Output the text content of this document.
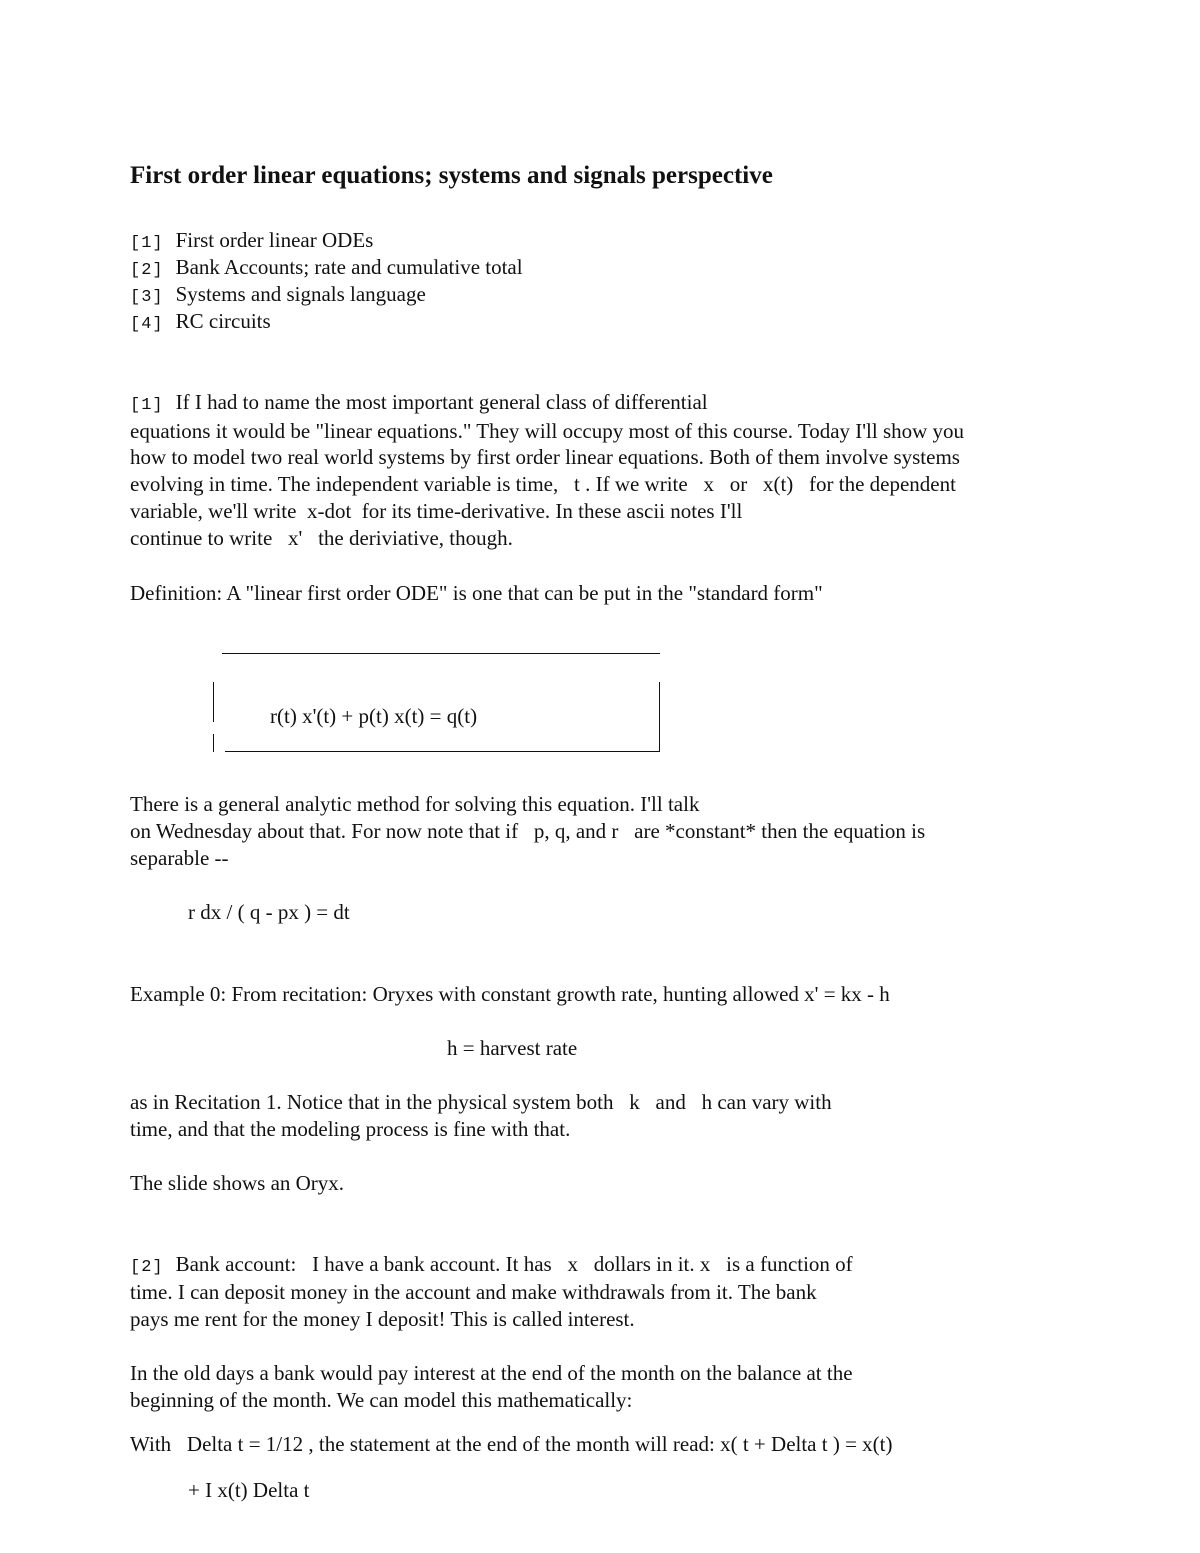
First order linear equations; systems and signals perspective
[1] First order linear ODEs
[2] Bank Accounts; rate and cumulative total
[3] Systems and signals language
[4] RC circuits
[1] If I had to name the most important general class of differential
equations it would be "linear equations." They will occupy most of this course. Today I'll show you
how to model two real world systems by first order linear equations. Both of them involve systems
evolving in time. The independent variable is time,   t . If we write   x   or   x(t)   for the dependent
variable, we'll write  x-dot  for its time-derivative. In these ascii notes I'll
continue to write   x'   the deriviative, though.
Definition: A "linear first order ODE" is one that can be put in the "standard form"
r(t) x'(t) + p(t) x(t) = q(t)
There is a general analytic method for solving this equation. I'll talk
on Wednesday about that. For now note that if   p, q, and r   are *constant* then the equation is
separable --
r dx / ( q - px ) = dt
Example 0: From recitation: Oryxes with constant growth rate, hunting allowed x' = kx - h
h = harvest rate
as in Recitation 1. Notice that in the physical system both   k   and   h can vary with
time, and that the modeling process is fine with that.
The slide shows an Oryx.
[2] Bank account:   I have a bank account. It has   x   dollars in it. x   is a function of
time. I can deposit money in the account and make withdrawals from it. The bank
pays me rent for the money I deposit! This is called interest.
In the old days a bank would pay interest at the end of the month on the balance at the
beginning of the month. We can model this mathematically:
With   Delta t = 1/12 , the statement at the end of the month will read: x( t + Delta t ) = x(t)
+ I x(t) Delta t
